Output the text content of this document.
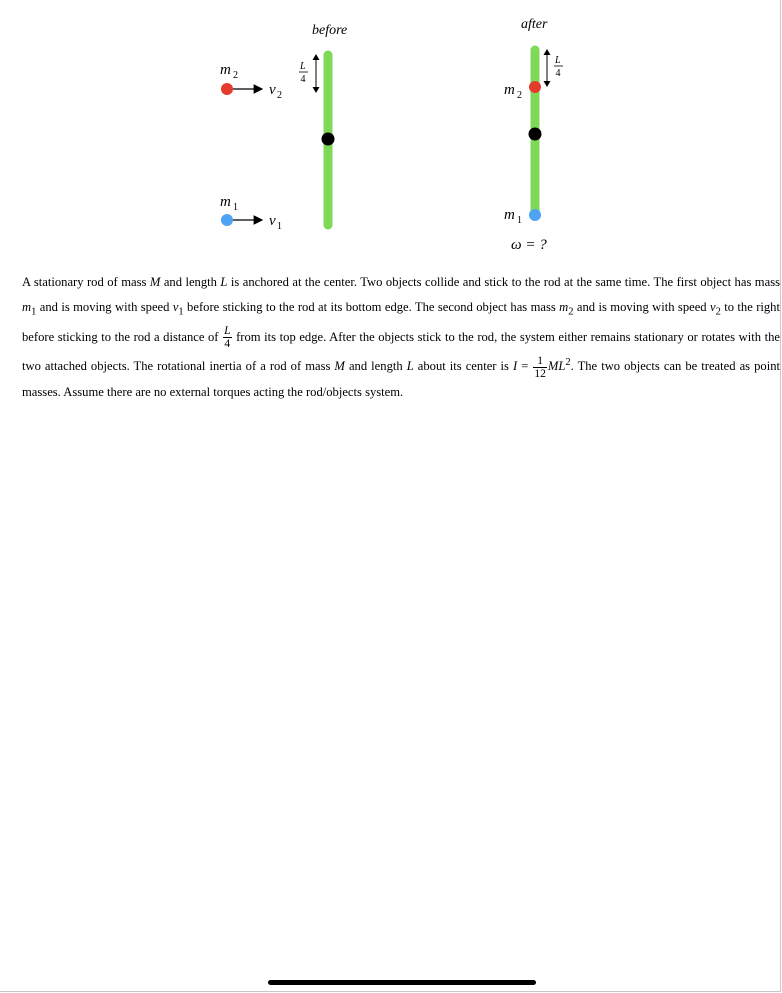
before
L
4
m 2
v 2
m 1
v 1
after
L
4
m 2
m 1
ω = ?

A stationary rod of mass M and length L is anchored at the center. Two objects collide and stick to the rod at the same time. The first object has mass $m_1$ and is moving with speed $v_1$ before sticking to the rod at its bottom edge. The second object has mass $m_2$ and is moving with speed $v_2$ to the right before sticking to the rod a distance of $\frac{L}{4}$ from its top edge. After the objects stick to the rod, the system either remains stationary or rotates with the two attached objects. The rotational inertia of a rod of mass M and length L about its center is $I = \frac{1}{12} ML^2$. The two objects can be treated as point masses. Assume there are no external torques acting the rod/objects system.
